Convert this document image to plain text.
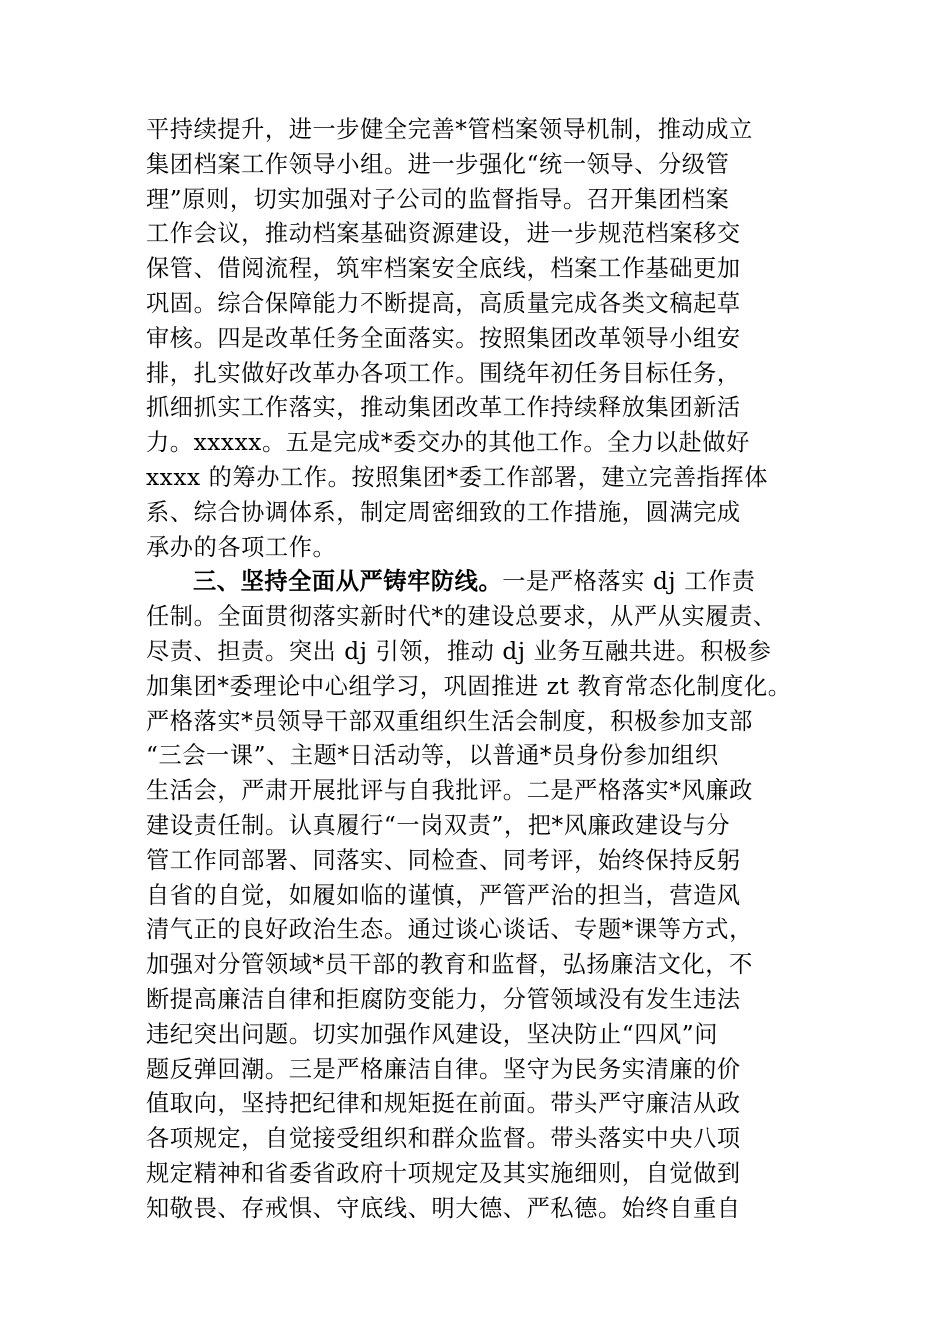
平持续提升，进一步健全完善*管档案领导机制，推动成立
集团档案工作领导小组。进一步强化“统一领导、分级管
理”原则，切实加强对子公司的监督指导。召开集团档案
工作会议，推动档案基础资源建设，进一步规范档案移交
保管、借阅流程，筑牢档案安全底线，档案工作基础更加
巩固。综合保障能力不断提高，高质量完成各类文稿起草
审核。四是改革任务全面落实。按照集团改革领导小组安
排，扎实做好改革办各项工作。围绕年初任务目标任务，
抓细抓实工作落实，推动集团改革工作持续释放集团新活
力。xxxxx。五是完成*委交办的其他工作。全力以赴做好
xxxx 的筹办工作。按照集团*委工作部署，建立完善指挥体
系、综合协调体系，制定周密细致的工作措施，圆满完成
承办的各项工作。
三、坚持全面从严铸牢防线。一是严格落实 dj 工作责
任制。全面贯彻落实新时代*的建设总要求，从严从实履责、
尽责、担责。突出 dj 引领，推动 dj 业务互融共进。积极参
加集团*委理论中心组学习，巩固推进 zt 教育常态化制度化。
严格落实*员领导干部双重组织生活会制度，积极参加支部
“三会一课”、主题*日活动等，以普通*员身份参加组织
生活会，严肃开展批评与自我批评。二是严格落实*风廉政
建设责任制。认真履行“一岗双责”，把*风廉政建设与分
管工作同部署、同落实、同检查、同考评，始终保持反躬
自省的自觉，如履如临的谨慎，严管严治的担当，营造风
清气正的良好政治生态。通过谈心谈话、专题*课等方式，
加强对分管领域*员干部的教育和监督，弘扬廉洁文化，不
断提高廉洁自律和拒腐防变能力，分管领域没有发生违法
违纪突出问题。切实加强作风建设，坚决防止“四风”问
题反弹回潮。三是严格廉洁自律。坚守为民务实清廉的价
值取向，坚持把纪律和规矩挺在前面。带头严守廉洁从政
各项规定，自觉接受组织和群众监督。带头落实中央八项
规定精神和省委省政府十项规定及其实施细则，自觉做到
知敬畏、存戒惧、守底线、明大德、严私德。始终自重自
